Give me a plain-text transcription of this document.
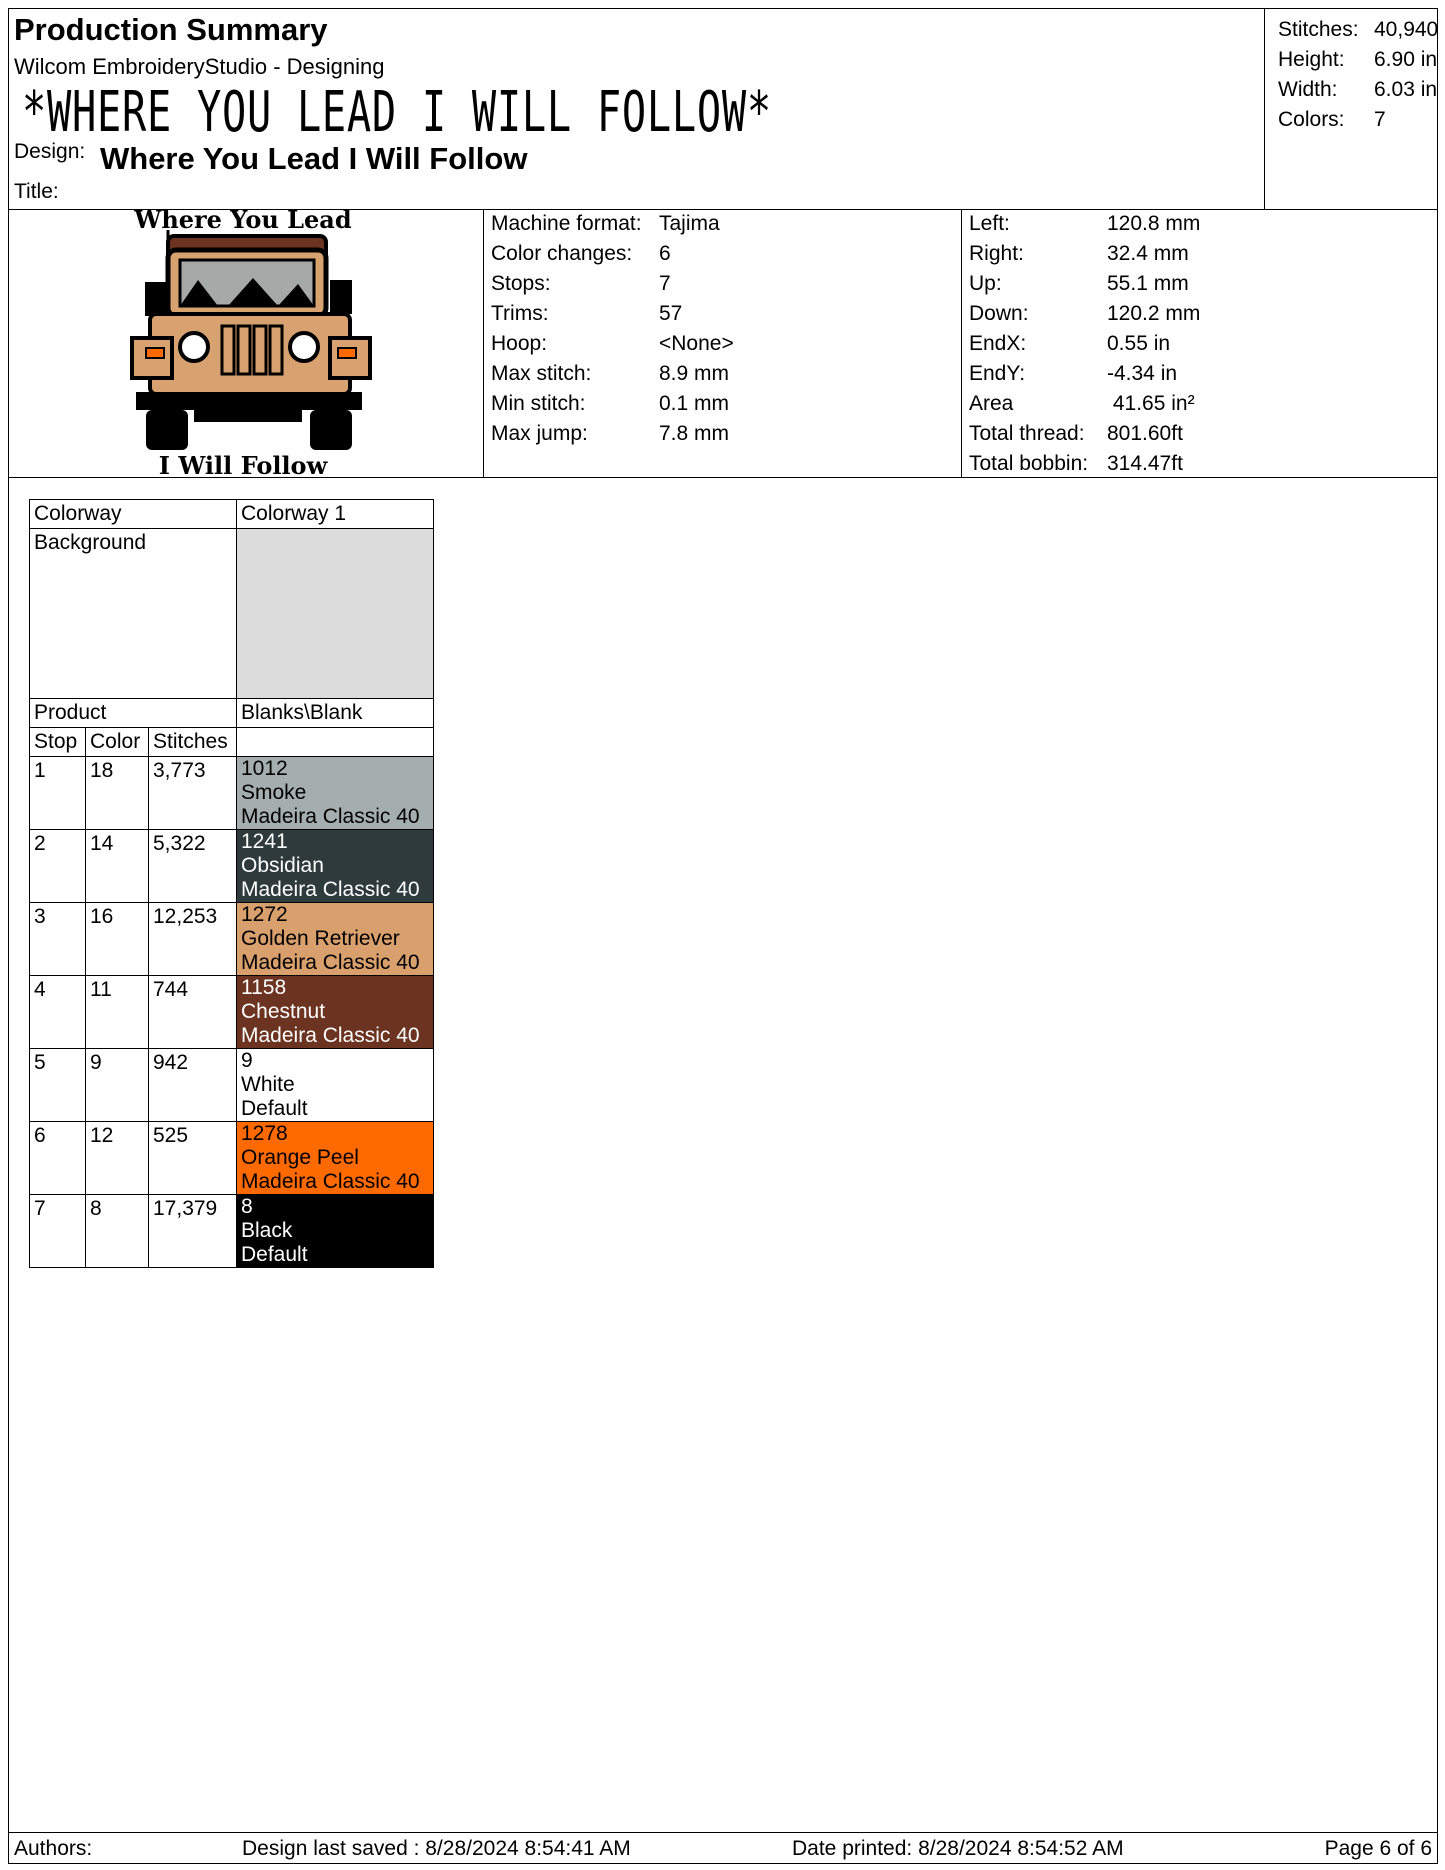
Production Summary
Wilcom EmbroideryStudio - Designing
*WHERE YOU LEAD I WILL FOLLOW*
Design: Where You Lead I Will Follow
Title:
Stitches: 40,940
Height: 6.90 in
Width: 6.03 in
Colors: 7
Where You Lead
I Will Follow
Machine format: Tajima
Color changes: 6
Stops:	7
Trims:	57
Hoop:	<None>
Max stitch:	8.9 mm
Min stitch:	0.1 mm
Max jump:	7.8 mm
Left:	120.8 mm
Right:	32.4 mm
Up:	55.1 mm
Down:	120.2 mm
EndX:	0.55 in
EndY:	-4.34 in
Area	41.65 in²
Total thread: 801.60ft
Total bobbin: 314.47ft
Colorway			Colorway 1
Background			
Product			Blanks\Blank
Stop	Color	Stitches	
1	18	3,773	1012
Smoke
Madeira Classic 40

2	14	5,322	1241
Obsidian
Madeira Classic 40

3	16	12,253	1272
Golden Retriever
Madeira Classic 40

4	11	744	1158
Chestnut
Madeira Classic 40

5	9	942	9
White
Default

6	12	525	1278
Orange Peel
Madeira Classic 40

7	8	17,379	8
Black
Default
Authors:	Design last saved : 8/28/2024 8:54:41 AM	Date printed: 8/28/2024 8:54:52 AM	Page 6 of 6
